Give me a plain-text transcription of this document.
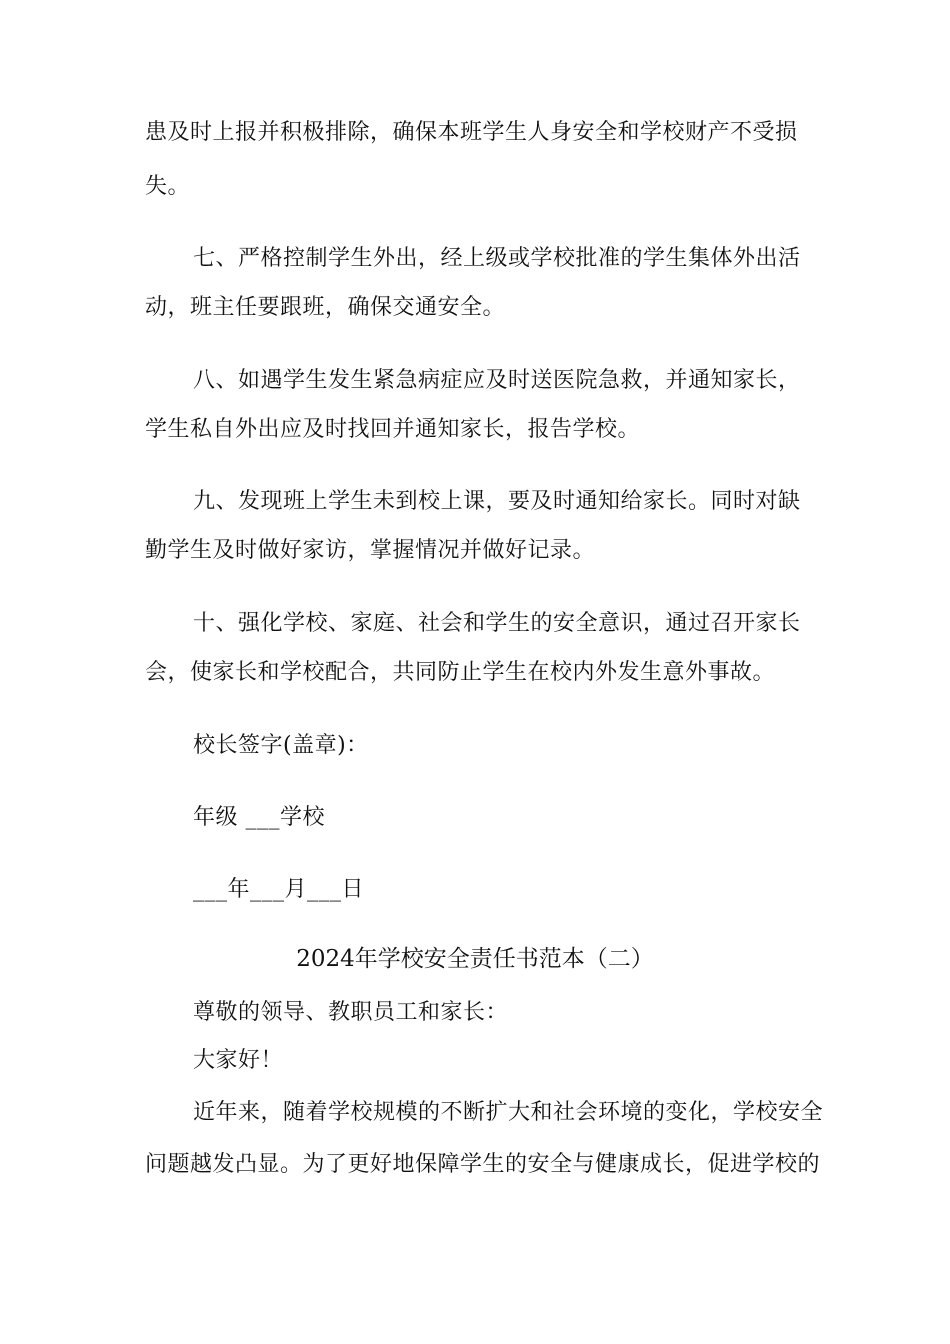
患及时上报并积极排除，确保本班学生人身安全和学校财产不受损
失。
七、严格控制学生外出，经上级或学校批准的学生集体外出活
动，班主任要跟班，确保交通安全。
八、如遇学生发生紧急病症应及时送医院急救，并通知家长，
学生私自外出应及时找回并通知家长，报告学校。
九、发现班上学生未到校上课，要及时通知给家长。同时对缺
勤学生及时做好家访，掌握情况并做好记录。
十、强化学校、家庭、社会和学生的安全意识，通过召开家长
会，使家长和学校配合，共同防止学生在校内外发生意外事故。
校长签字(盖章)：
年级 ___学校
___年___月___日
2024年学校安全责任书范本（二）
尊敬的领导、教职员工和家长：
大家好！
近年来，随着学校规模的不断扩大和社会环境的变化，学校安全
问题越发凸显。为了更好地保障学生的安全与健康成长，促进学校的
